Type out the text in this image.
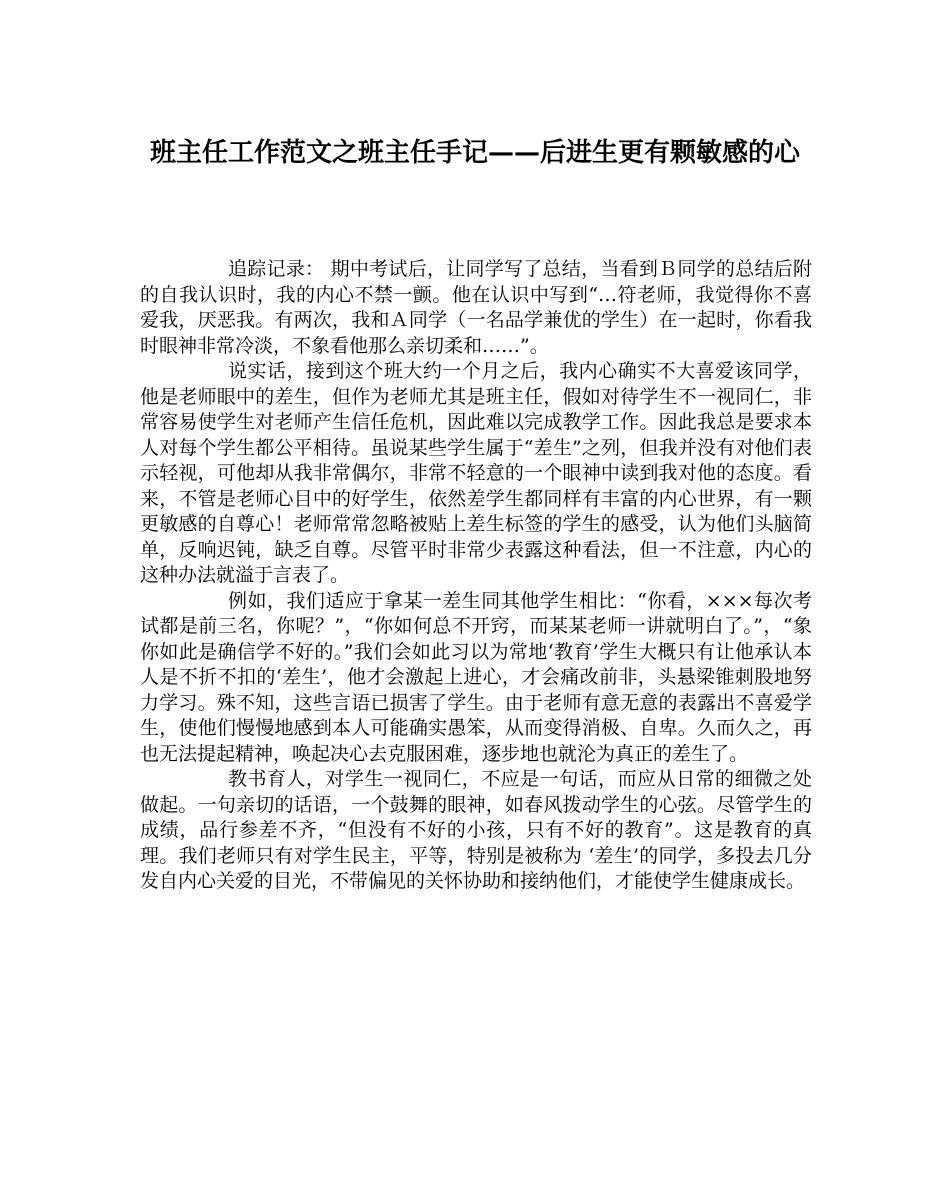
班主任工作范文之班主任手记——后进生更有颗敏感的心

追踪记录： 期中考试后，让同学写了总结，当看到Ｂ同学的总结后附的自我认识时，我的内心不禁一颤。他在认识中写到“…符老师，我觉得你不喜爱我，厌恶我。有两次，我和Ａ同学（一名品学兼优的学生）在一起时，你看我时眼神非常冷淡，不象看他那么亲切柔和……”。

说实话，接到这个班大约一个月之后，我内心确实不大喜爱该同学，他是老师眼中的差生，但作为老师尤其是班主任，假如对待学生不一视同仁，非常容易使学生对老师产生信任危机，因此难以完成教学工作。因此我总是要求本人对每个学生都公平相待。虽说某些学生属于“差生”之列，但我并没有对他们表示轻视，可他却从我非常偶尔，非常不轻意的一个眼神中读到我对他的态度。看来，不管是老师心目中的好学生，依然差学生都同样有丰富的内心世界，有一颗更敏感的自尊心！老师常常忽略被贴上差生标签的学生的感受，认为他们头脑简单，反响迟钝，缺乏自尊。尽管平时非常少表露这种看法，但一不注意，内心的这种办法就溢于言表了。

例如，我们适应于拿某一差生同其他学生相比：“你看，×××每次考试都是前三名，你呢？”，“你如何总不开窍，而某某老师一讲就明白了。”，“象你如此是确信学不好的。”我们会如此习以为常地‘教育’学生大概只有让他承认本人是不折不扣的‘差生’，他才会激起上进心，才会痛改前非，头悬梁锥刺股地努力学习。殊不知，这些言语已损害了学生。由于老师有意无意的表露出不喜爱学生，使他们慢慢地感到本人可能确实愚笨，从而变得消极、自卑。久而久之，再也无法提起精神，唤起决心去克服困难，逐步地也就沦为真正的差生了。

教书育人，对学生一视同仁，不应是一句话，而应从日常的细微之处做起。一句亲切的话语，一个鼓舞的眼神，如春风拨动学生的心弦。尽管学生的成绩，品行参差不齐，“但没有不好的小孩，只有不好的教育”。这是教育的真理。我们老师只有对学生民主，平等，特别是被称为 ‘差生’的同学，多投去几分发自内心关爱的目光，不带偏见的关怀协助和接纳他们，才能使学生健康成长。
